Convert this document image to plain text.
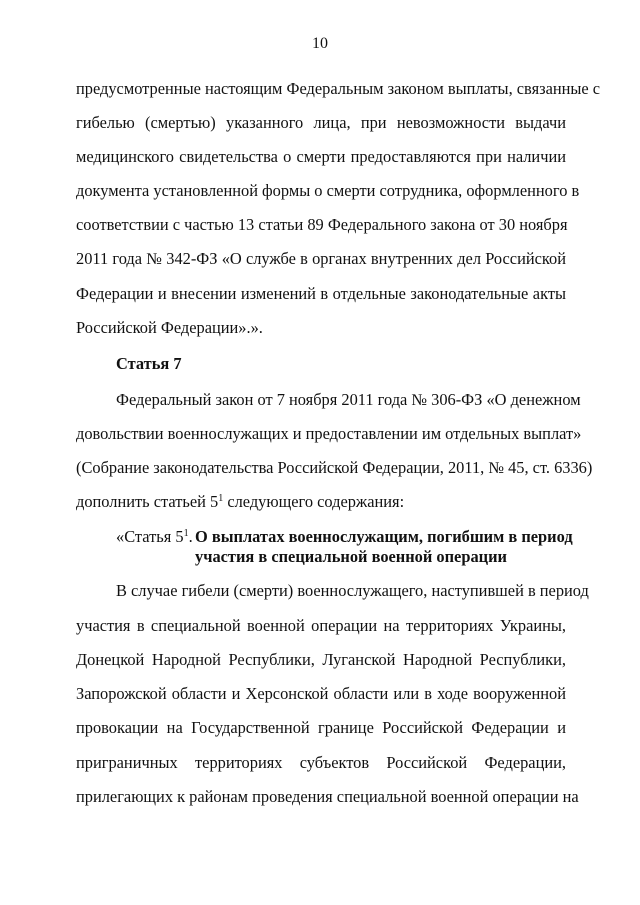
10
предусмотренные настоящим Федеральным законом выплаты, связанные с
гибелью (смертью) указанного лица, при невозможности выдачи
медицинского свидетельства о смерти предоставляются при наличии
документа установленной формы о смерти сотрудника, оформленного в
соответствии с частью 13 статьи 89 Федерального закона от 30 ноября
2011 года № 342-ФЗ «О службе в органах внутренних дел Российской
Федерации и внесении изменений в отдельные законодательные акты
Российской Федерации».».
Статья 7
Федеральный закон от 7 ноября 2011 года № 306-ФЗ «О денежном
довольствии военнослужащих и предоставлении им отдельных выплат»
(Собрание законодательства Российской Федерации, 2011, № 45, ст. 6336)
дополнить статьей $5^1$ следующего содержания:
«Статья $5^1$. О выплатах военнослужащим, погибшим в период
участия в специальной военной операции
В случае гибели (смерти) военнослужащего, наступившей в период
участия в специальной военной операции на территориях Украины,
Донецкой Народной Республики, Луганской Народной Республики,
Запорожской области и Херсонской области или в ходе вооруженной
провокации на Государственной границе Российской Федерации и
приграничных территориях субъектов Российской Федерации,
прилегающих к районам проведения специальной военной операции на
